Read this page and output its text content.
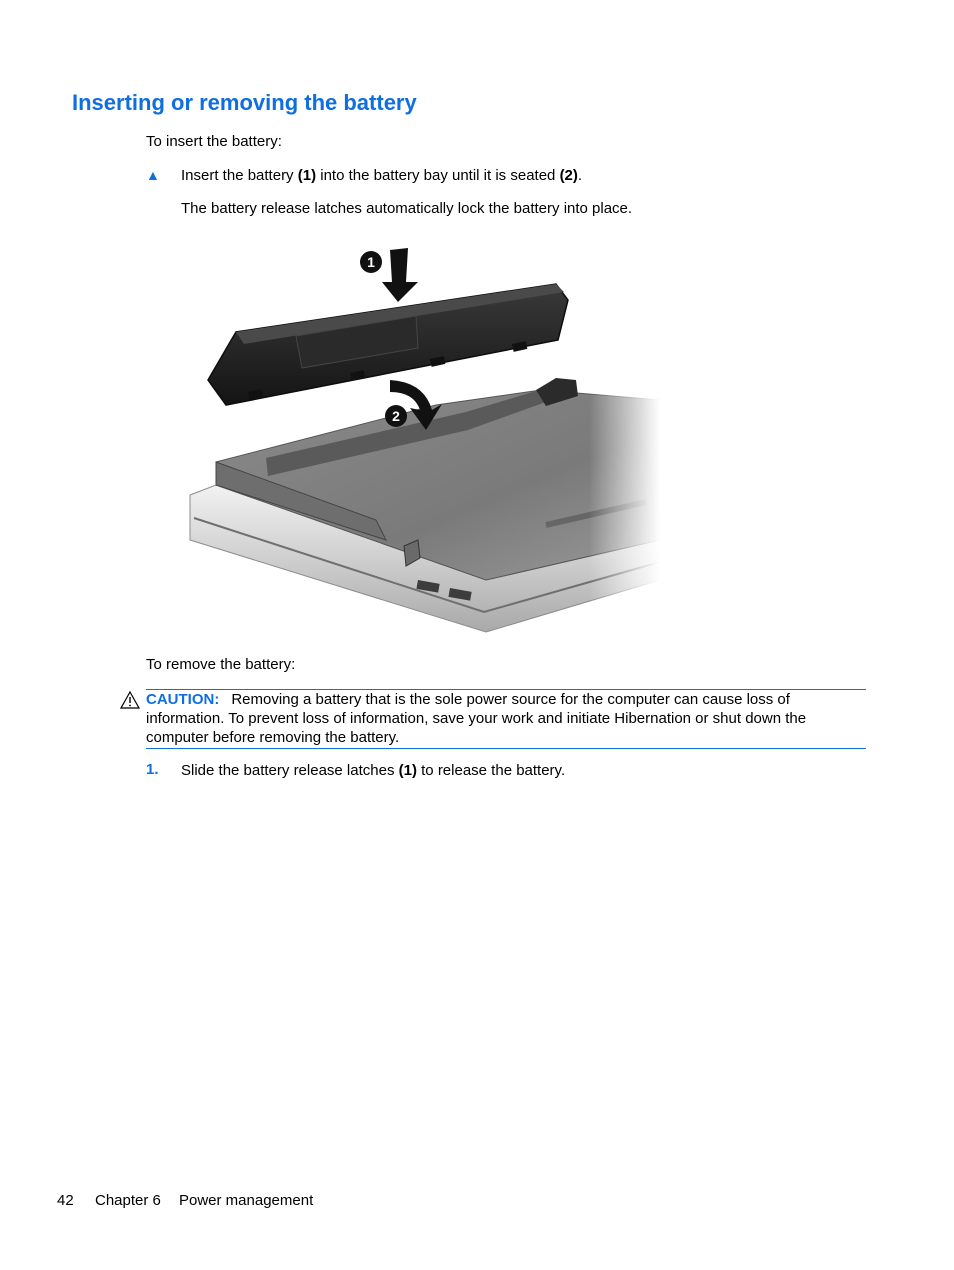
Inserting or removing the battery
To insert the battery:
▲ Insert the battery (1) into the battery bay until it is seated (2).
The battery release latches automatically lock the battery into place.
1
2
To remove the battery:
CAUTION: Removing a battery that is the sole power source for the computer can cause loss of information. To prevent loss of information, save your work and initiate Hibernation or shut down the computer before removing the battery.
1. Slide the battery release latches (1) to release the battery.
42 Chapter 6 Power management
